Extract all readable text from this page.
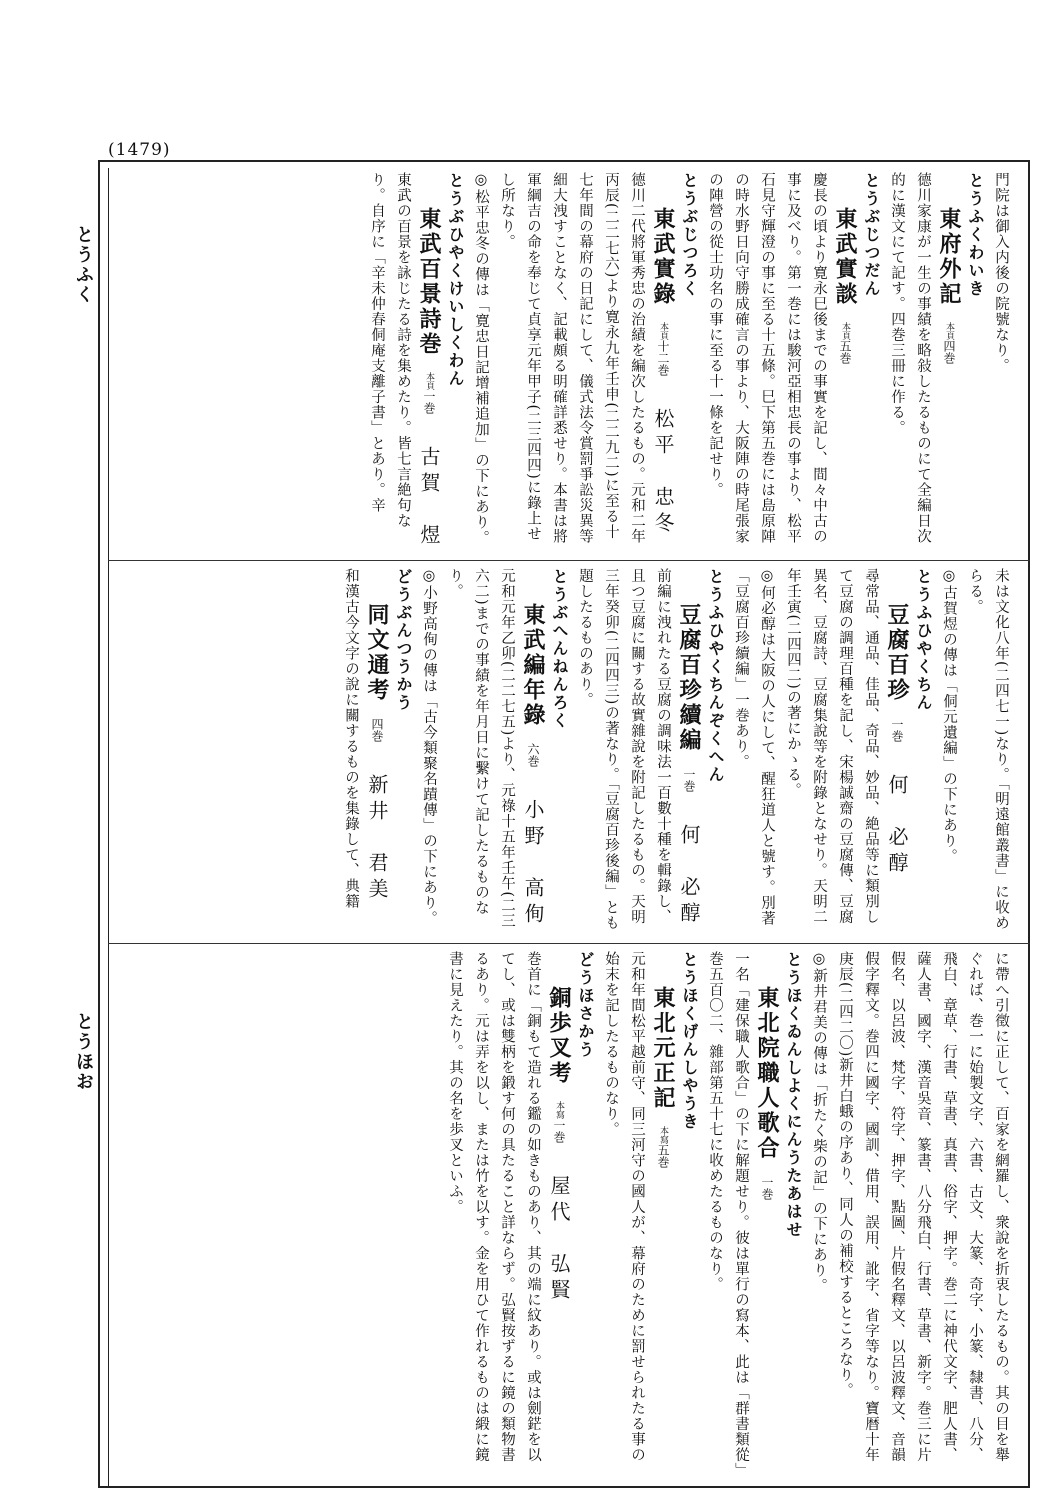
(1479)
とうふく
とうほお

門院は御入内後の院號なり。

とうふくわいき

東府外記本頁四巻

德川家康が一生の事績を略敍したるものにて全編日次的に漢文にて記す。四巻三冊に作る。

とうぶじつだん

東武實談本頁五巻

慶長の頃より寛永巳後までの事實を記し、間々中古の事に及べり。第一巻には駿河亞相忠長の事より、松平石見守輝澄の事に至る十五條。巳下第五巻には島原陣の時水野日向守勝成確言の事より、大阪陣の時尾張家の陣營の從士功名の事に至る十一條を記せり。

とうぶじつろく

東武實錄本頁十二巻松平　忠冬

德川二代將軍秀忠の治績を編次したるもの。元和二年丙辰(二二七六)より寛永九年壬申(二二九二)に至る十七年間の幕府の日記にして、儀式法令賞罰爭訟災異等細大洩すことなく、記載頗る明確詳悉せり。本書は將軍綱吉の命を奉じて貞享元年甲子(二三四四)に錄上せし所なり。

◎松平忠冬の傳は「寛忠日記增補追加」の下にあり。

とうぶひやくけいしくわん

東武百景詩巻本頁一巻古賀　煜

東武の百景を詠じたる詩を集めたり。皆七言絶句なり。自序に「辛未仲春侗庵支離子書」とあり。辛

未は文化八年(二四七一)なり。「明遠館叢書」に收めらる。

◎古賀煜の傳は「侗元遺編」の下にあり。

とうふひやくちん

豆腐百珍一巻何　必醇

尋常品、通品、佳品、奇品、妙品、絶品等に類別して豆腐の調理百種を記し、宋楊誠齋の豆腐傳、豆腐異名、豆腐詩、豆腐集說等を附錄となせり。天明二年壬寅(二四四二)の著にかゝる。

◎何必醇は大阪の人にして、醒狂道人と號す。別著「豆腐百珍續編」一巻あり。

とうふひやくちんぞくへん

豆腐百珍續編一巻何　必醇

前編に洩れたる豆腐の調味法一百數十種を輯錄し、且つ豆腐に關する故實雜說を附記したるもの。天明三年癸卯(二四四三)の著なり。「豆腐百珍後編」とも題したるものあり。

とうぶへんねんろく

東武編年錄六巻小野　高侚

元和元年乙卯(二二七五)より、元祿十五年壬午(二三六二)までの事績を年月日に繫けて記したるものなり。

◎小野高侚の傳は「古今類聚名蹟傳」の下にあり。

どうぶんつうかう

同文通考四巻新井　君美

和漢古今文字の說に關するものを集錄して、典籍

に帶へ引徵に正して、百家を網羅し、衆說を折衷したるもの。其の目を舉ぐれば、巻一に始製文字、六書、古文、大篆、奇字、小篆、隸書、八分、飛白、章草、行書、草書、真書、俗字、押字。巻二に神代文字、肥人書、薩人書、國字、漢音吳音、篆書、八分飛白、行書、草書、新字。巻三に片假名、以呂波、梵字、符字、押字、點圖、片假名釋文、以呂波釋文、音韻假字釋文。巻四に國字、國訓、借用、誤用、訛字、省字等なり。寶暦十年庚辰(二四二〇)新井白蛾の序あり、同人の補校するところなり。

◎新井君美の傳は「折たく柴の記」の下にあり。

とうほくゐんしよくにんうたあはせ

東北院職人歌合一巻

一名「建保職人歌合」の下に解題せり。彼は單行の寫本、此は「群書類從」巻五百〇二、雜部第五十七に收めたるものなり。

とうほくげんしやうき

東北元正記本寫五巻

元和年間松平越前守、同三河守の國人が、幕府のために罰せられたる事の始末を記したるものなり。

どうほさかう

銅歩叉考本寫一巻屋代　弘賢

巻首に「銅もて造れる鑑の如きものあり、其の端に紋あり。或は劍鋩を以てし、或は雙柄を鍛す何の具たること詳ならず。弘賢按ずるに鏡の類物書るあり。元は弄を以し、または竹を以す。金を用ひて作れるものは緞に鏡書に見えたり。其の名を歩叉といふ。
